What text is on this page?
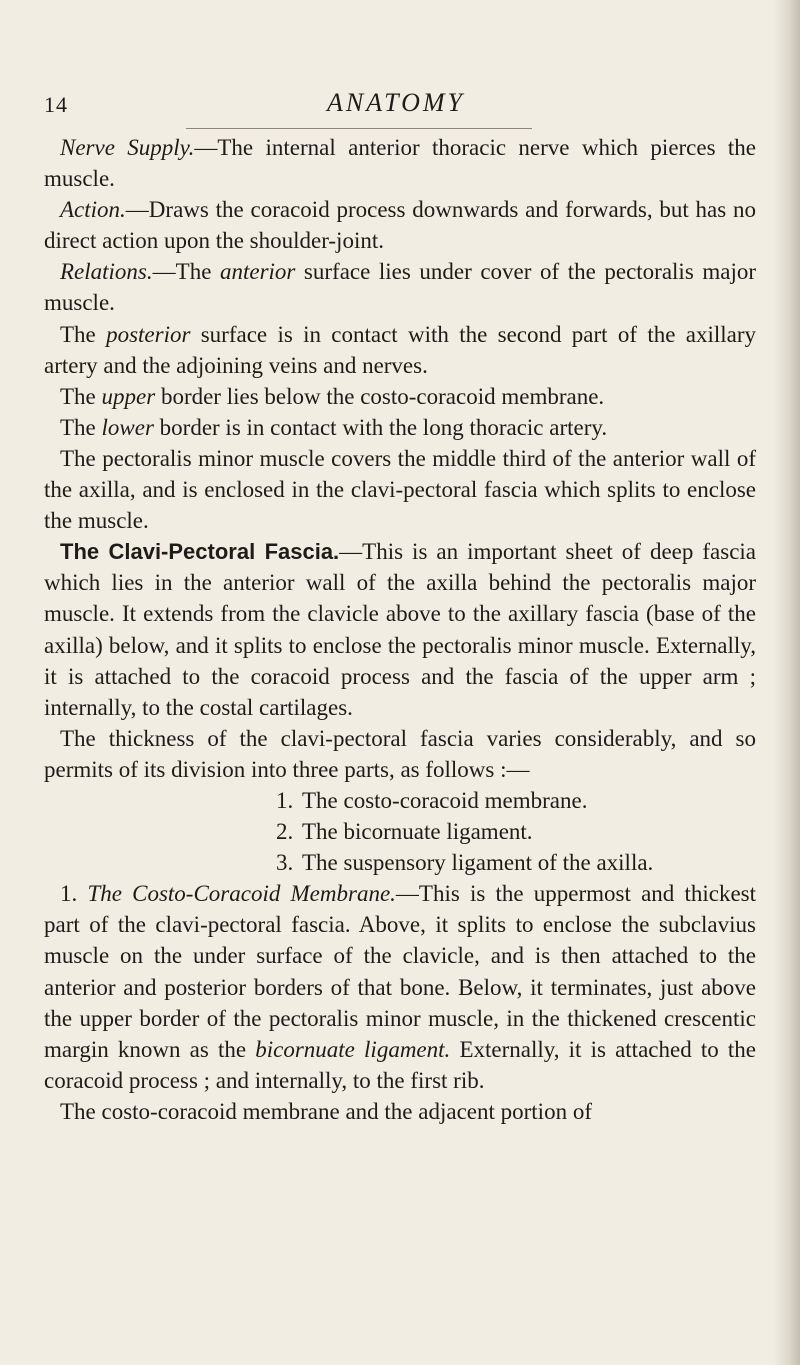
14	ANATOMY

Nerve Supply.—The internal anterior thoracic nerve which pierces the muscle.

Action.—Draws the coracoid process downwards and forwards, but has no direct action upon the shoulder-joint.

Relations.—The anterior surface lies under cover of the pectoralis major muscle.

The posterior surface is in contact with the second part of the axillary artery and the adjoining veins and nerves.

The upper border lies below the costo-coracoid membrane.

The lower border is in contact with the long thoracic artery.

The pectoralis minor muscle covers the middle third of the anterior wall of the axilla, and is enclosed in the clavi-pectoral fascia which splits to enclose the muscle.

The Clavi-Pectoral Fascia.—This is an important sheet of deep fascia which lies in the anterior wall of the axilla behind the pectoralis major muscle. It extends from the clavicle above to the axillary fascia (base of the axilla) below, and it splits to enclose the pectoralis minor muscle. Externally, it is attached to the coracoid process and the fascia of the upper arm ; internally, to the costal cartilages.

The thickness of the clavi-pectoral fascia varies considerably, and so permits of its division into three parts, as follows :—

1. The costo-coracoid membrane.
2. The bicornuate ligament.
3. The suspensory ligament of the axilla.

1. The Costo-Coracoid Membrane.—This is the uppermost and thickest part of the clavi-pectoral fascia. Above, it splits to enclose the subclavius muscle on the under surface of the clavicle, and is then attached to the anterior and posterior borders of that bone. Below, it terminates, just above the upper border of the pectoralis minor muscle, in the thickened crescentic margin known as the bicornuate ligament. Externally, it is attached to the coracoid process ; and internally, to the first rib.

The costo-coracoid membrane and the adjacent portion of
